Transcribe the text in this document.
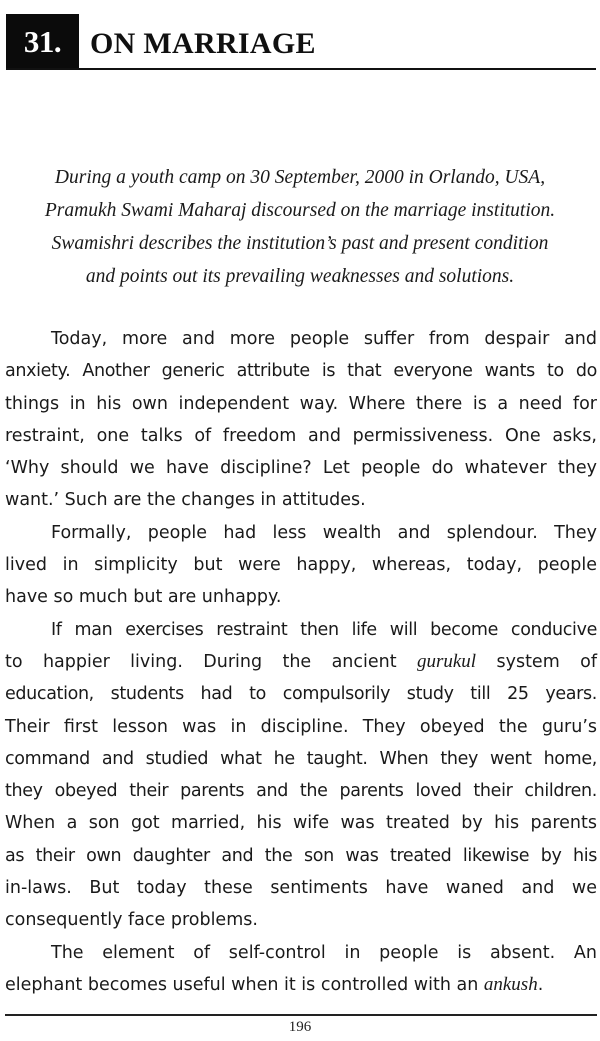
31. ON MARRIAGE
During a youth camp on 30 September, 2000 in Orlando, USA,
Pramukh Swami Maharaj discoursed on the marriage institution.
Swamishri describes the institution’s past and present condition
and points out its prevailing weaknesses and solutions.

Today, more and more people suffer from despair and
anxiety. Another generic attribute is that everyone wants to do
things in his own independent way. Where there is a need for
restraint, one talks of freedom and permissiveness. One asks,
‘Why should we have discipline? Let people do whatever they
want.’ Such are the changes in attitudes.

Formally, people had less wealth and splendour. They
lived in simplicity but were happy, whereas, today, people
have so much but are unhappy.

If man exercises restraint then life will become conducive
to happier living. During the ancient gurukul system of
education, students had to compulsorily study till 25 years.
Their first lesson was in discipline. They obeyed the guru’s
command and studied what he taught. When they went home,
they obeyed their parents and the parents loved their children.
When a son got married, his wife was treated by his parents
as their own daughter and the son was treated likewise by his
in-laws. But today these sentiments have waned and we
consequently face problems.

The element of self-control in people is absent. An
elephant becomes useful when it is controlled with an ankush.

196
